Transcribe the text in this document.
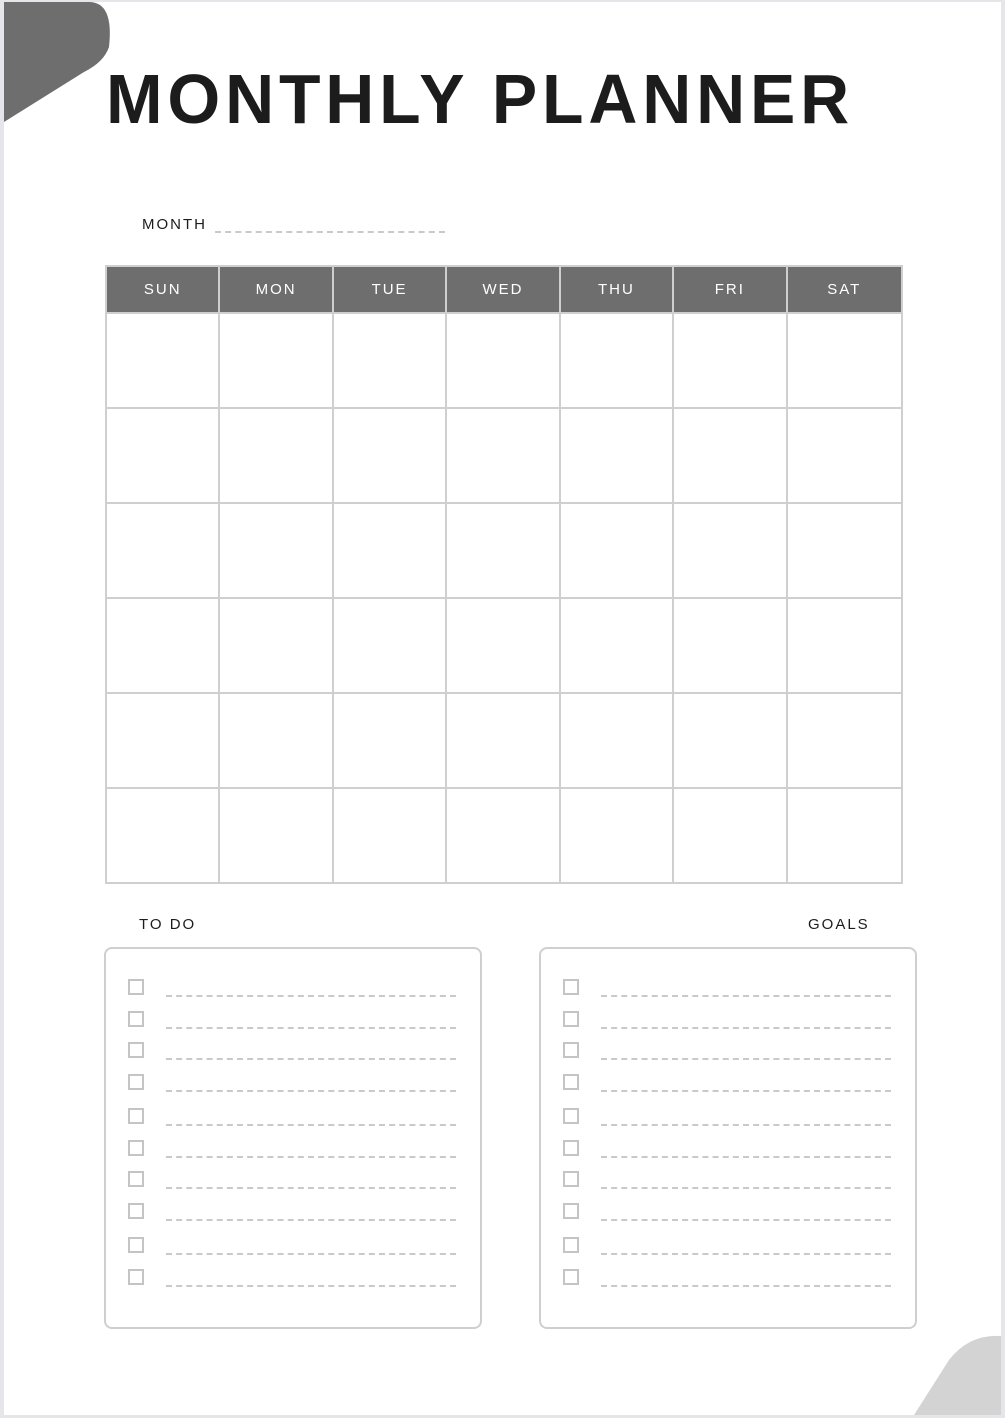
MONTHLY PLANNER
MONTH
SUN	MON	TUE	WED	THU	FRI	SAT
TO DO	GOALS
